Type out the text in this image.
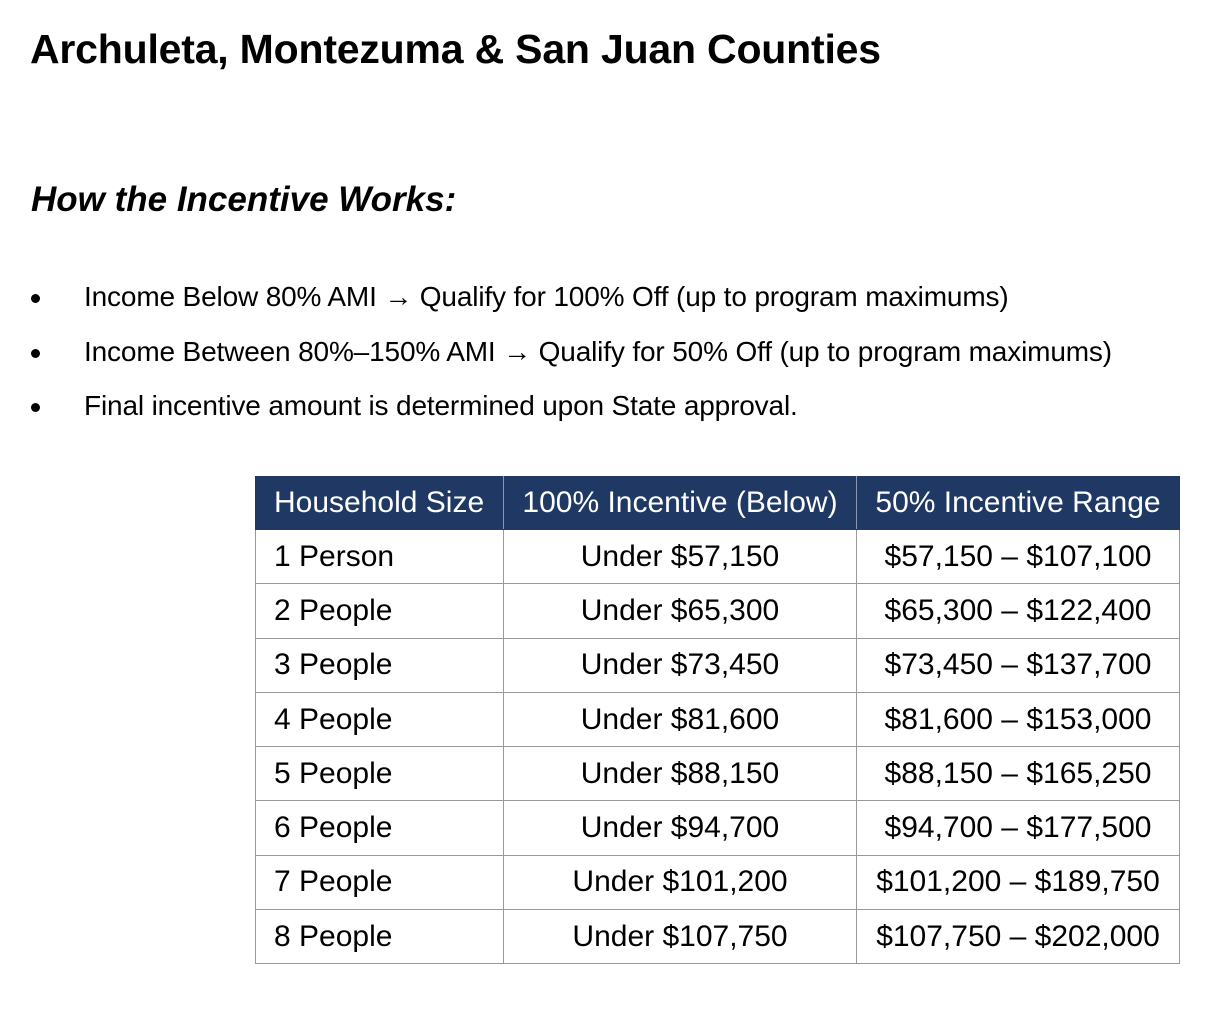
Archuleta, Montezuma & San Juan Counties
How the Incentive Works:
Income Below 80% AMI → Qualify for 100% Off (up to program maximums)
Income Between 80%–150% AMI → Qualify for 50% Off (up to program maximums)
Final incentive amount is determined upon State approval.
Household Size	100% Incentive (Below)	50% Incentive Range
1 Person	Under $57,150	$57,150 – $107,100
2 People	Under $65,300	$65,300 – $122,400
3 People	Under $73,450	$73,450 – $137,700
4 People	Under $81,600	$81,600 – $153,000
5 People	Under $88,150	$88,150 – $165,250
6 People	Under $94,700	$94,700 – $177,500
7 People	Under $101,200	$101,200 – $189,750
8 People	Under $107,750	$107,750 – $202,000
